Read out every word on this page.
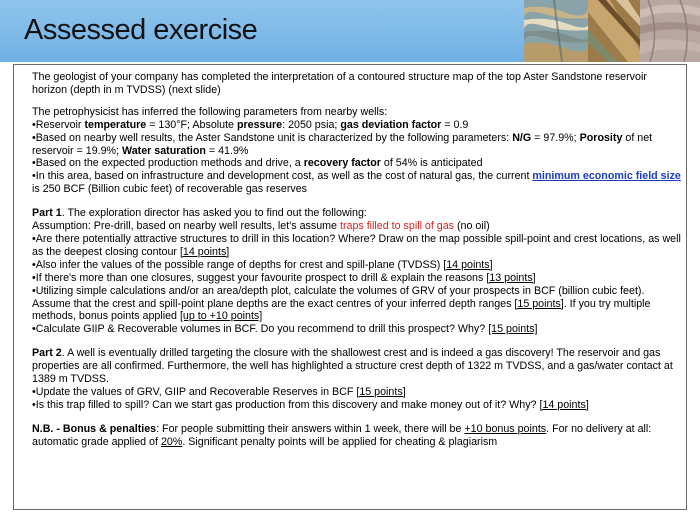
Assessed exercise

The geologist of your company has completed the interpretation of a contoured structure map of the top Aster Sandstone reservoir horizon (depth in m TVDSS) (next slide)

The petrophysicist has inferred the following parameters from nearby wells:

•Reservoir temperature = 130°F; Absolute pressure: 2050 psia; gas deviation factor = 0.9

•Based on nearby well results, the Aster Sandstone unit is characterized by the following parameters: N/G = 97.9%; Porosity of net reservoir = 19.9%; Water saturation = 41.9%

•Based on the expected production methods and drive, a recovery factor of 54% is anticipated

•In this area, based on infrastructure and development cost, as well as the cost of natural gas, the current minimum economic field size is 250 BCF (Billion cubic feet) of recoverable gas reserves

Part 1. The exploration director has asked you to find out the following:

Assumption: Pre-drill, based on nearby well results, let's assume traps filled to spill of gas (no oil)

•Are there potentially attractive structures to drill in this location? Where? Draw on the map possible spill-point and crest locations, as well as the deepest closing contour [14 points]

•Also infer the values of the possible range of depths for crest and spill-plane (TVDSS) [14 points]

•If there's more than one closures, suggest your favourite prospect to drill & explain the reasons [13 points]

•Utilizing simple calculations and/or an area/depth plot, calculate the volumes of GRV of your prospects in BCF (billion cubic feet). Assume that the crest and spill-point plane depths are the exact centres of your inferred depth ranges [15 points]. If you try multiple methods, bonus points applied [up to +10 points]

•Calculate GIIP & Recoverable volumes in BCF. Do you recommend to drill this prospect? Why? [15 points]

Part 2. A well is eventually drilled targeting the closure with the shallowest crest and is indeed a gas discovery! The reservoir and gas properties are all confirmed. Furthermore, the well has highlighted a structure crest depth of 1322 m TVDSS, and a gas/water contact at 1389 m TVDSS.

•Update the values of GRV, GIIP and Recoverable Reserves in BCF [15 points]

•Is this trap filled to spill? Can we start gas production from this discovery and make money out of it? Why? [14 points]

N.B. - Bonus & penalties: For people submitting their answers within 1 week, there will be +10 bonus points. For no delivery at all: automatic grade applied of 20%. Significant penalty points will be applied for cheating & plagiarism
